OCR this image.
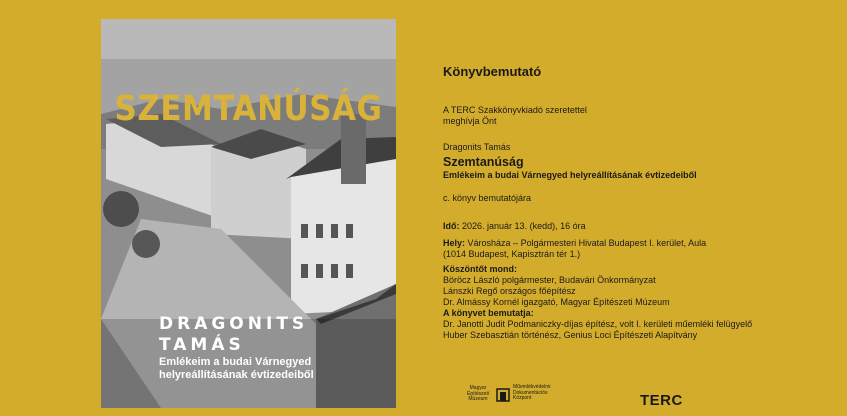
SZEMTANÚSÁG
DRAGONITS
TAMÁS
Emlékeim a budai Várnegyed
helyreállításának évtizedeiből
Könyvbemutató
A TERC Szakkönyvkiadó szeretettel
meghívja Önt
Dragonits Tamás
Szemtanúság
Emlékeim a budai Várnegyed helyreállításának évtizedeiből
c. könyv bemutatójára
Idő: 2026. január 13. (kedd), 16 óra
Hely: Városháza – Polgármesteri Hivatal Budapest I. kerület, Aula
(1014 Budapest, Kapisztrán tér 1.)
Köszöntőt mond:
Böröcz László polgármester, Budavári Önkormányzat
Lánszki Regő országos főépítész
Dr. Almássy Kornél igazgató, Magyar Építészeti Múzeum
A könyvet bemutatja:
Dr. Janotti Judit Podmaniczky-díjas építész, volt I. kerületi műemléki felügyelő
Huber Szebasztián történész, Genius Loci Építészeti Alapítvány
Magyar
Építészeti
Múzeum
Műemlékvédelmi
Dokumentációs
Központ	TERC
